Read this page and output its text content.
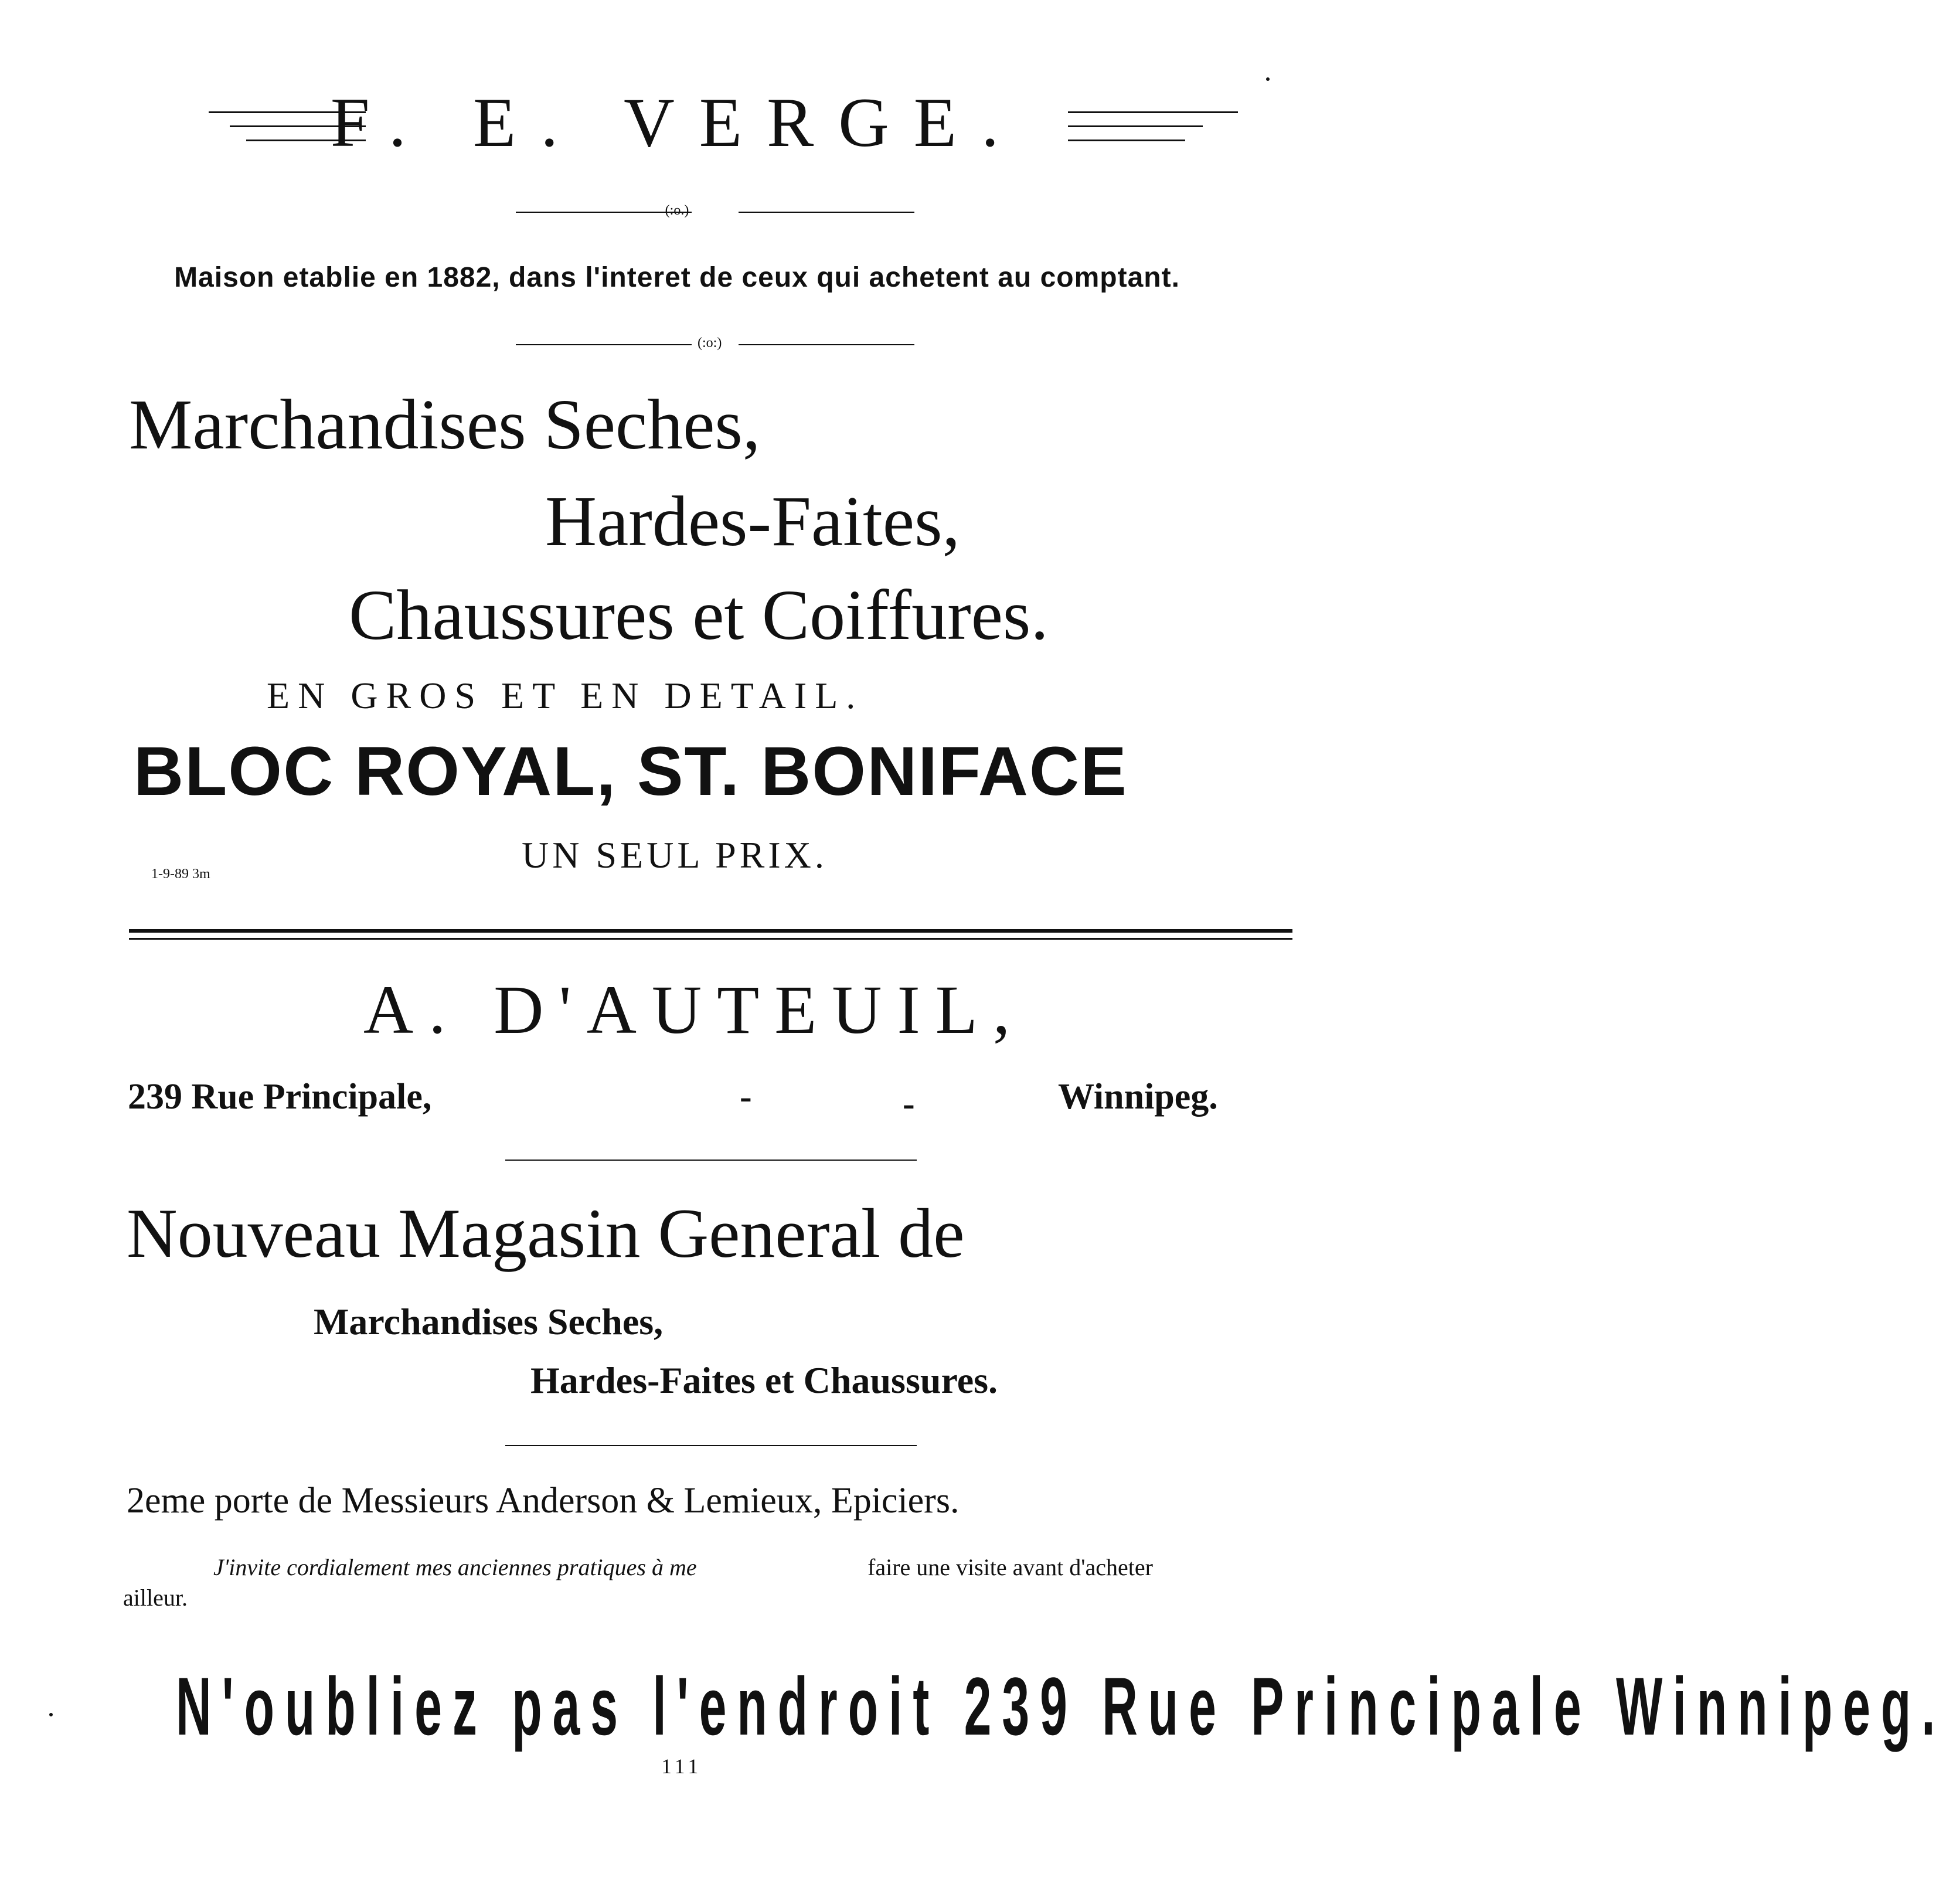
F. E. VERGE.
(:o.)
Maison etablie en 1882, dans l'interet de ceux qui achetent au comptant.
(:o:)
Marchandises Seches,
Hardes-Faites,
Chaussures et Coiffures.
EN GROS ET EN DETAIL.
BLOC ROYAL, ST. BONIFACE
1-9-89 3m	UN SEUL PRIX.
A. D'AUTEUIL,
239 Rue Principale,	-	-	Winnipeg.
Nouveau Magasin General de
Marchandises Seches,
Hardes-Faites et Chaussures.
2eme porte de Messieurs Anderson & Lemieux, Epiciers.
J'invite cordialement mes anciennes pratiques à me	faire une visite avant d'acheter
ailleur.
N'oubliez pas l'endroit 239 Rue Principale Winnipeg.
111
